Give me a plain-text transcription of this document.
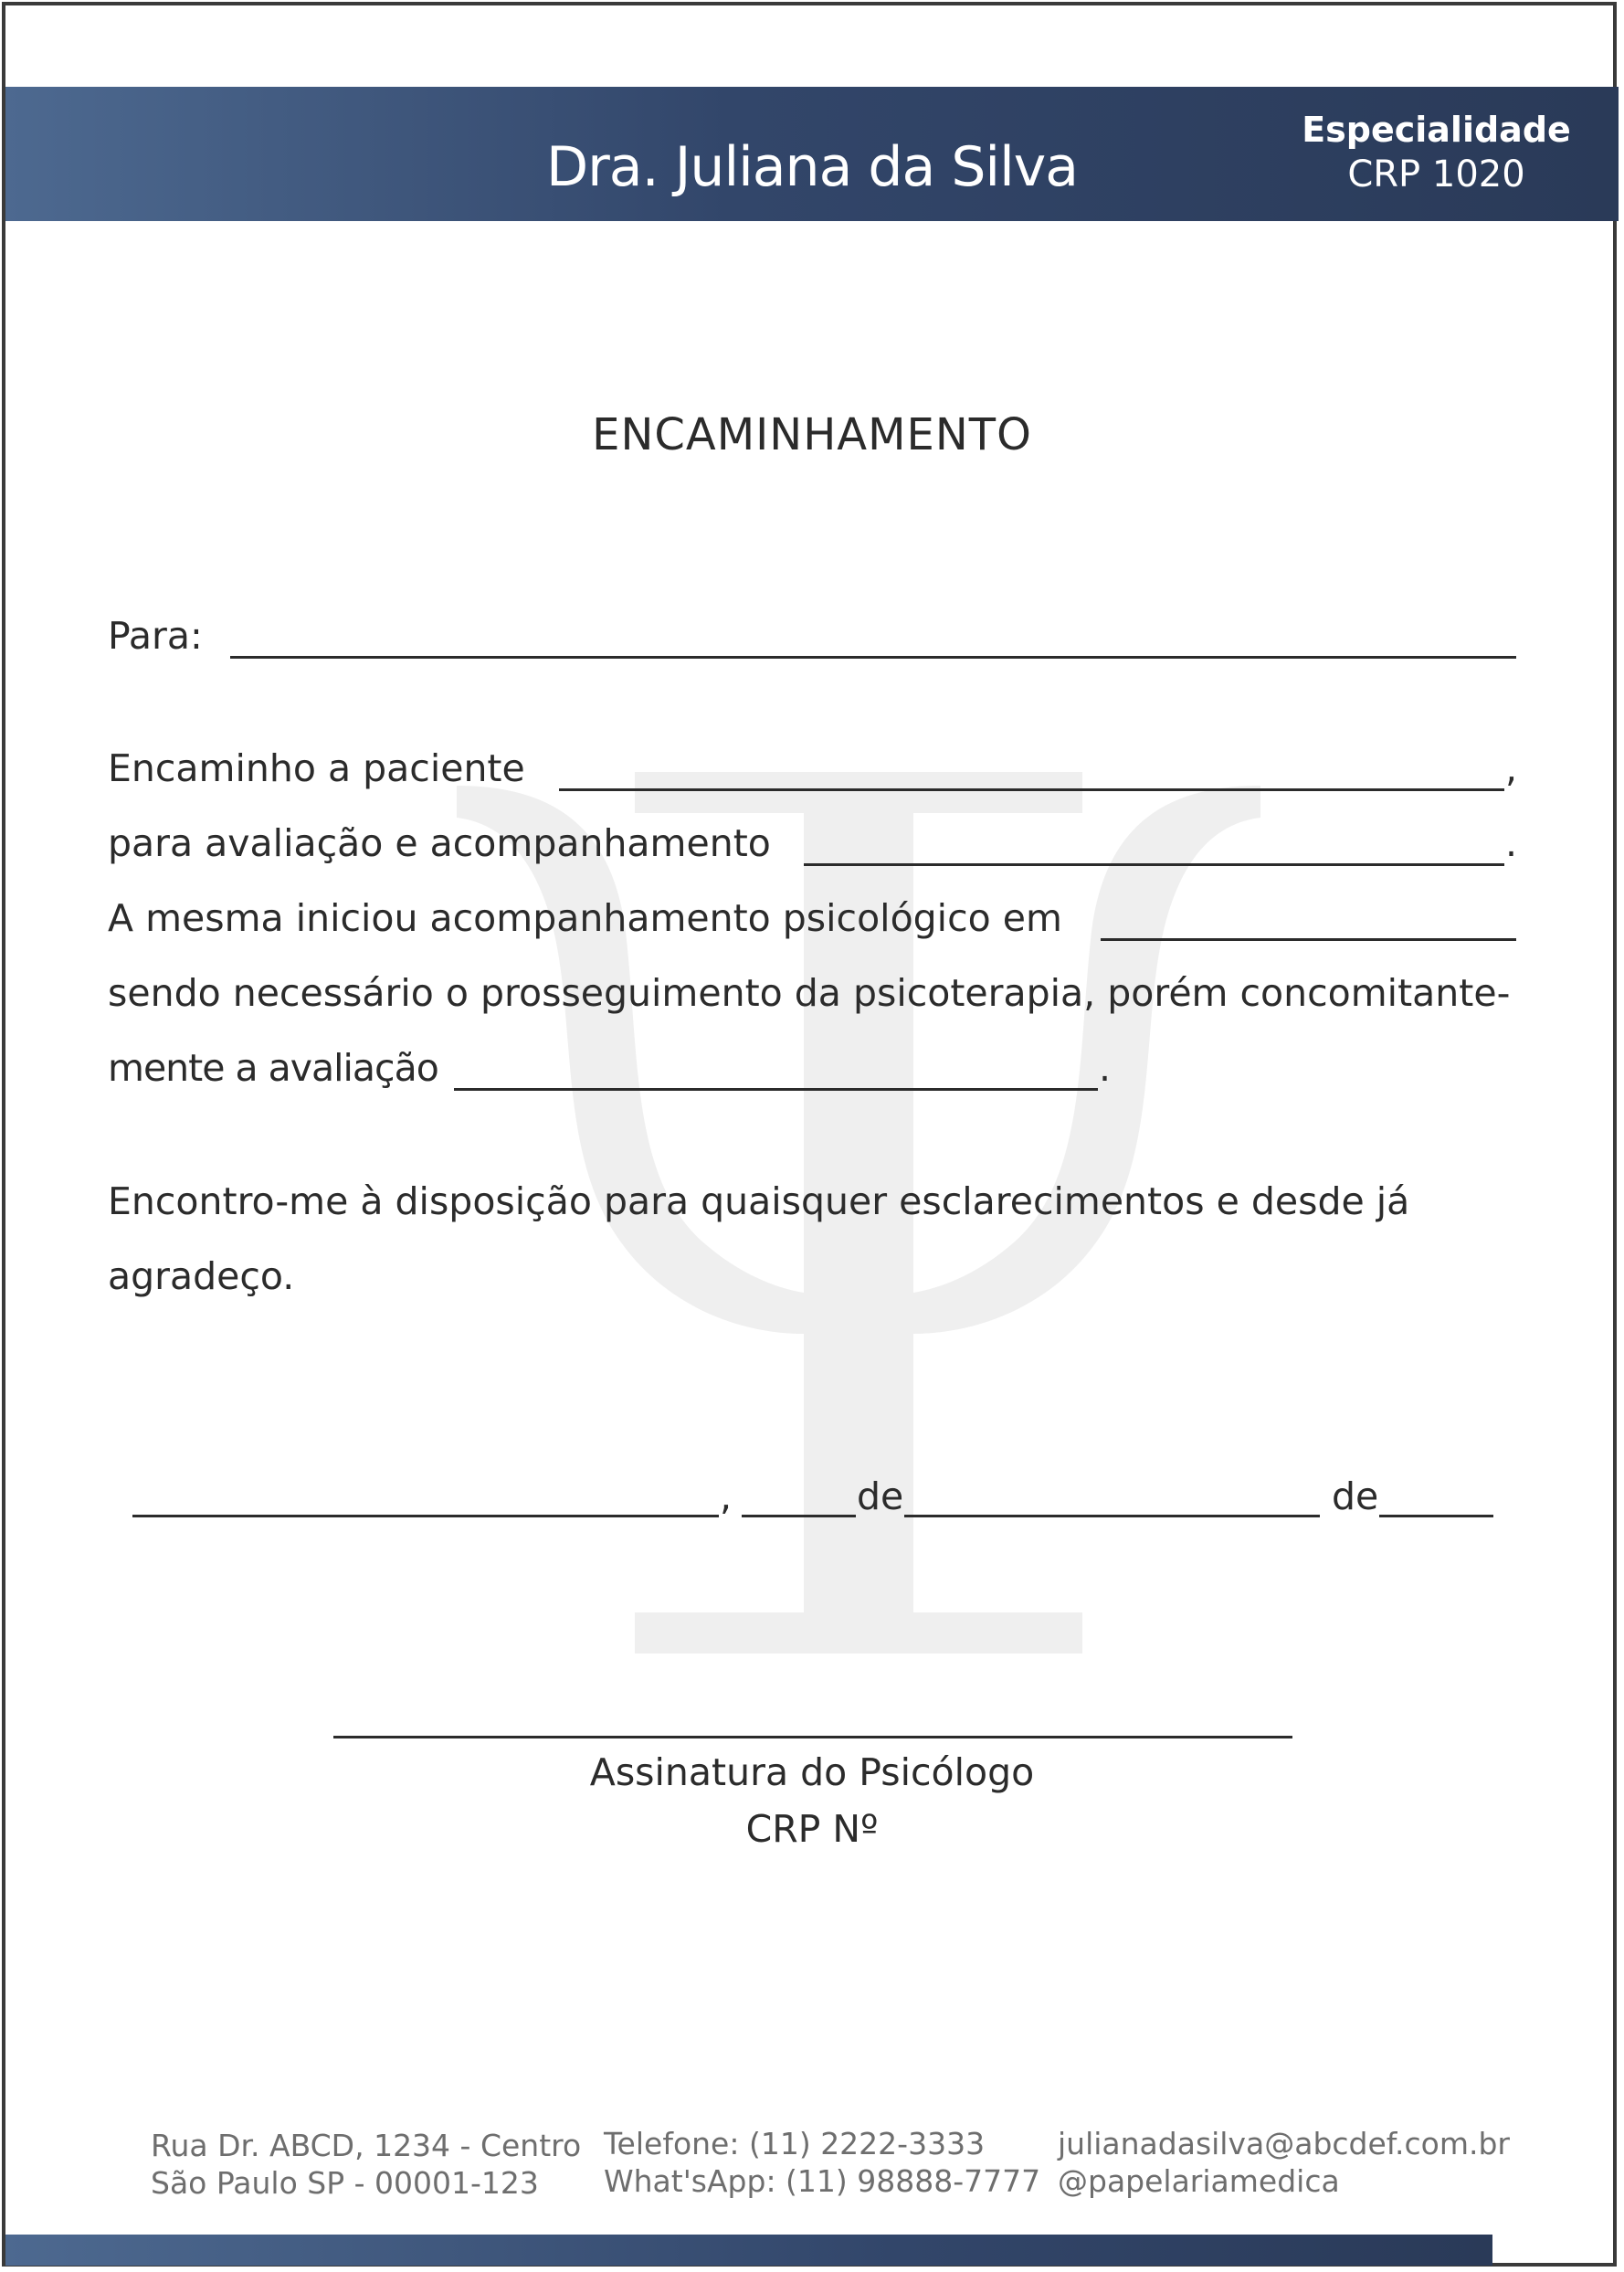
Dra. Juliana da Silva
Especialidade
CRP 1020
ENCAMINHAMENTO
Para:
Encaminho a paciente	,
para avaliação e acompanhamento	.
A mesma iniciou acompanhamento psicológico em
sendo necessário o prosseguimento da psicoterapia, porém concomitante-
mente a avaliação	.
Encontro-me à disposição para quaisquer esclarecimentos e desde já
agradeço.
,	de	de
Assinatura do Psicólogo
CRP Nº
Rua Dr. ABCD, 1234 - Centro
São Paulo SP - 00001-123
Telefone: (11) 2222-3333
What'sApp: (11) 98888-7777
julianadasilva@abcdef.com.br
@papelariamedica
